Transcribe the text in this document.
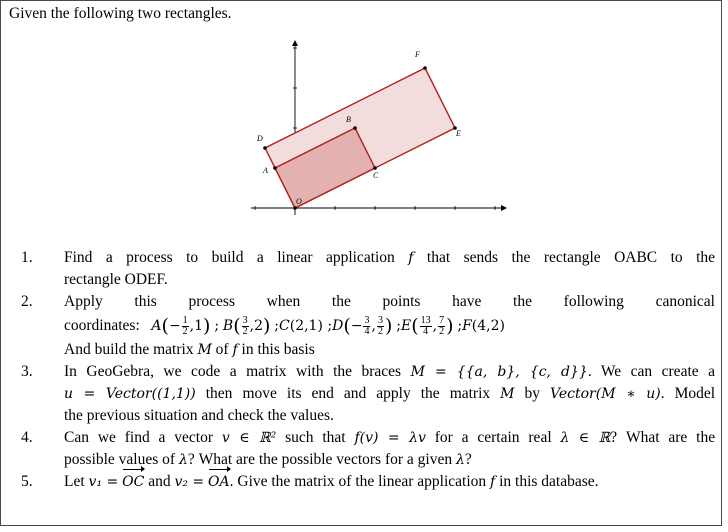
Given the following two rectangles.
D
F
E
B
A
C
O
1. Find a process to build a linear application f that sends the rectangle OABC to the
rectangle ODEF.
2. Apply this process when the points have the following canonical
coordinates: $A(- \frac{1}{2} ,1)$ ; $B( \frac{3}{2} ,2)$ ;C(2,1) ;D(− $\frac{3}{4}$ , $\frac{3}{2}$ ) ;E( $\frac{13}{4}$ , $\frac{7}{2}$ ) ;F(4,2)
And build the matrix M of f in this basis
3. In GeoGebra, we code a matrix with the braces M = {{a, b}, {c, d}}. We can create a
u = Vector((1,1)) then move its end and apply the matrix M by Vector(M ∗ u). Model
the previous situation and check the values.
4. Can we find a vector v ∈ ℝ² such that f(v) = λv for a certain real λ ∈ ℝ? What are the
possible values of λ? What are the possible vectors for a given λ?
5. Let v₁ = OC and v₂ = OA. Give the matrix of the linear application f in this database.
